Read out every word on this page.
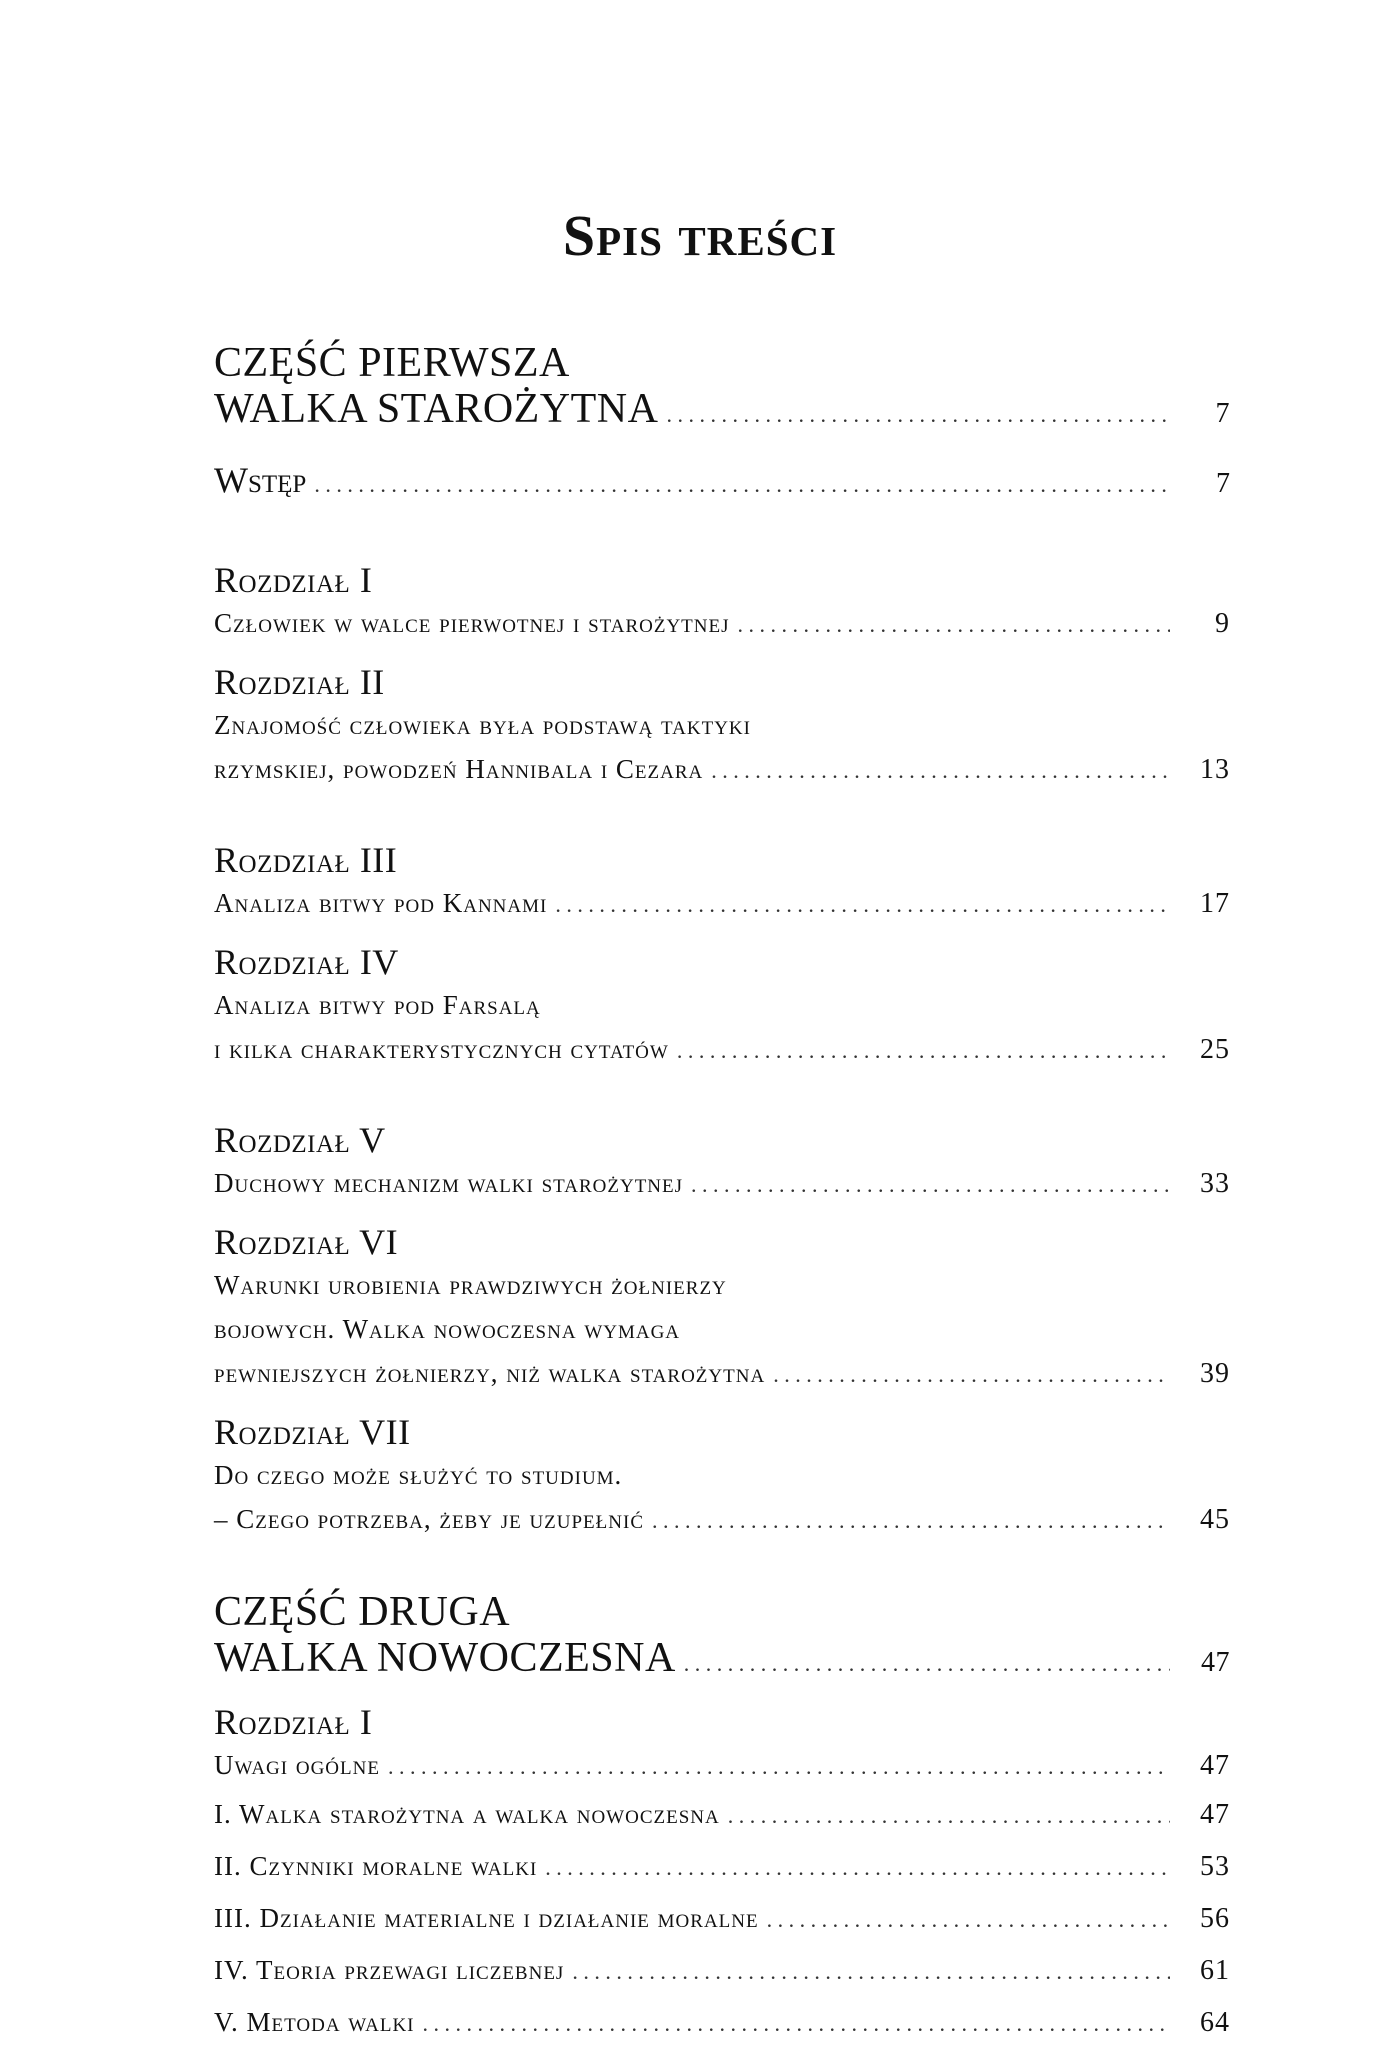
Spis treści
CZĘŚĆ PIERWSZA
WALKA STAROŻYTNA . . .	7
Wstęp . . .	7
Rozdział I
Człowiek w walce pierwotnej i starożytnej . . .	9
Rozdział II
Znajomość człowieka była podstawą taktyki
rzymskiej, powodzeń Hannibala i Cezara . . .	13
Rozdział III
Analiza bitwy pod Kannami . . .	17
Rozdział IV
Analiza bitwy pod Farsalą
i kilka charakterystycznych cytatów . . .	25
Rozdział V
Duchowy mechanizm walki starożytnej . . .	33
Rozdział VI
Warunki urobienia prawdziwych żołnierzy
bojowych. Walka nowoczesna wymaga
pewniejszych żołnierzy, niż walka starożytna . . .	39
Rozdział VII
Do czego może służyć to studium.
– Czego potrzeba, żeby je uzupełnić . . .	45
CZĘŚĆ DRUGA
WALKA NOWOCZESNA . . .	47
Rozdział I
Uwagi ogólne . . .	47
I. Walka starożytna a walka nowoczesna . . .	47
II. Czynniki moralne walki . . .	53
III. Działanie materialne i działanie moralne . . .	56
IV. Teoria przewagi liczebnej . . .	61
V. Metoda walki . . .	64
